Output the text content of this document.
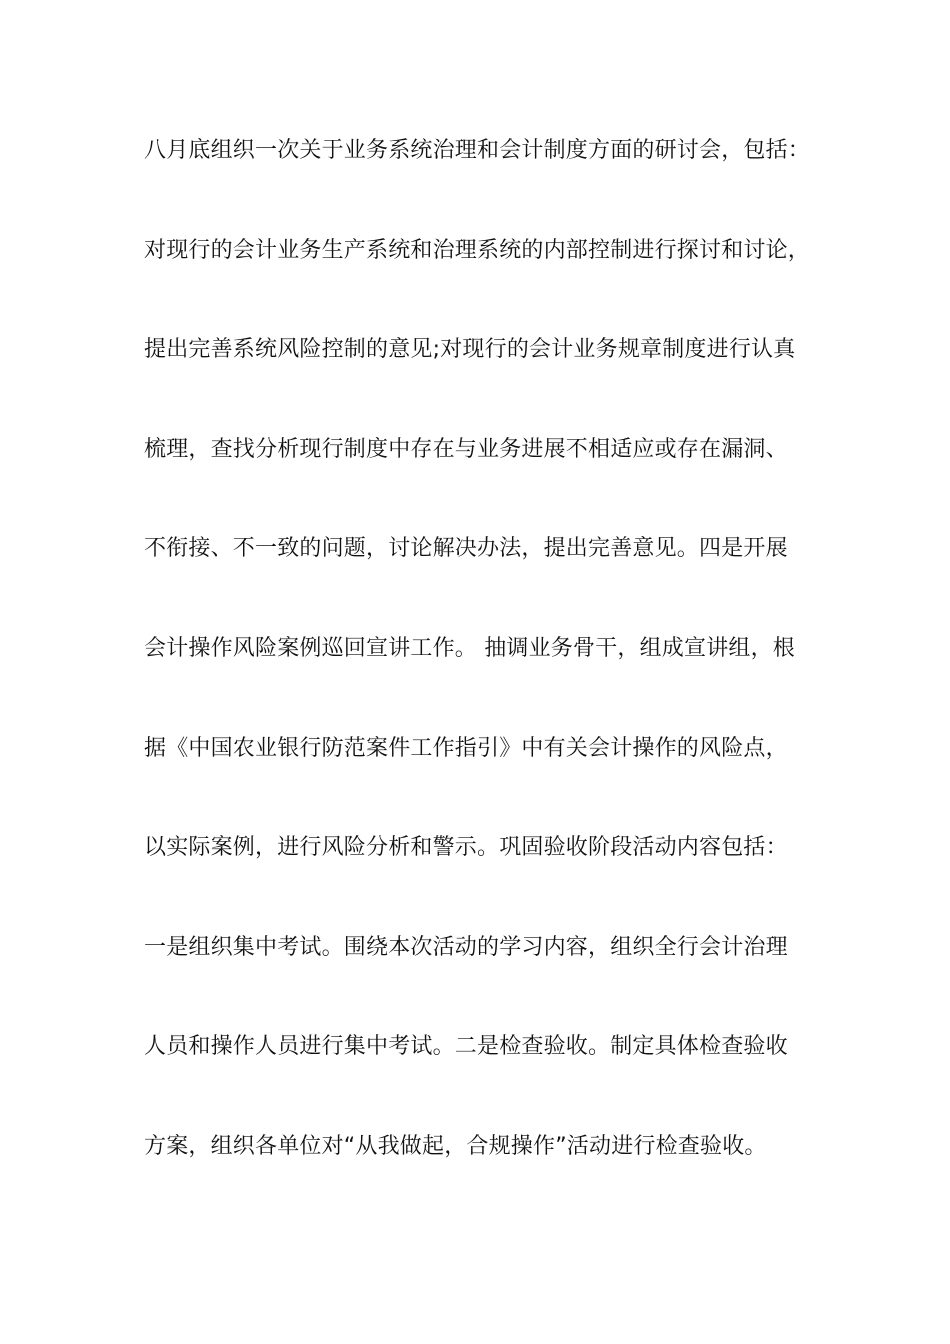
八月底组织一次关于业务系统治理和会计制度方面的研讨会，包括：
对现行的会计业务生产系统和治理系统的内部控制进行探讨和讨论，
提出完善系统风险控制的意见;对现行的会计业务规章制度进行认真
梳理，查找分析现行制度中存在与业务进展不相适应或存在漏洞、
不衔接、不一致的问题，讨论解决办法，提出完善意见。四是开展
会计操作风险案例巡回宣讲工作。 抽调业务骨干，组成宣讲组，根
据《中国农业银行防范案件工作指引》中有关会计操作的风险点，
以实际案例，进行风险分析和警示。巩固验收阶段活动内容包括：
一是组织集中考试。围绕本次活动的学习内容，组织全行会计治理
人员和操作人员进行集中考试。二是检查验收。制定具体检查验收
方案，组织各单位对“从我做起，合规操作”活动进行检查验收。
